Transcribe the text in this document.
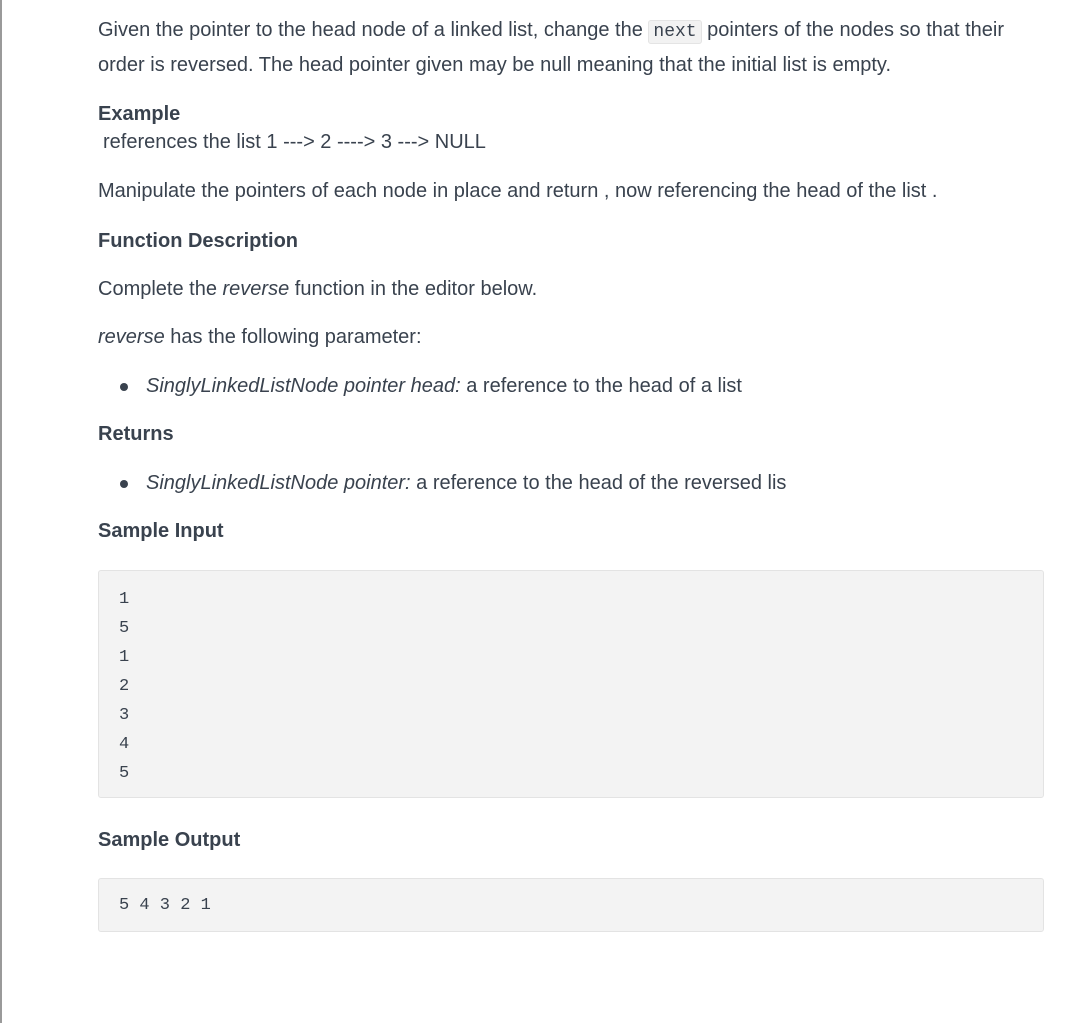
Given the pointer to the head node of a linked list, change the next pointers of the nodes so that their order is reversed. The head pointer given may be null meaning that the initial list is empty.

Example

references the list 1 ---> 2 ----> 3 ---> NULL

Manipulate the pointers of each node in place and return , now referencing the head of the list .

Function Description

Complete the reverse function in the editor below.

reverse has the following parameter:

SinglyLinkedListNode pointer head: a reference to the head of a list
Returns
SinglyLinkedListNode pointer: a reference to the head of the reversed lis
Sample Input
1
5
1
2
3
4
5
Sample Output
5 4 3 2 1
